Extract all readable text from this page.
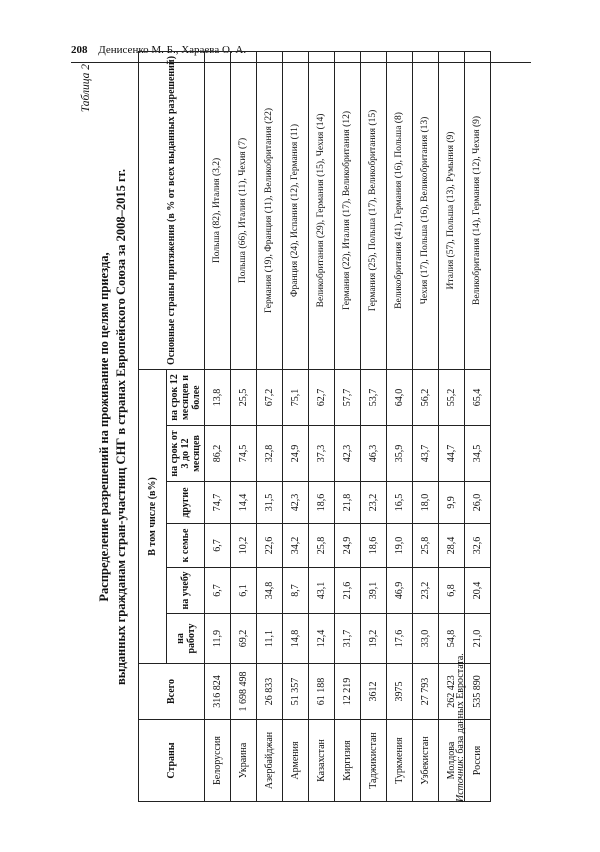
208 Денисенко М. Б., Хараева О. А.
Таблица 2
Распределение разрешений на проживание по целям приезда, выданных гражданам стран-участниц СНГ в странах Европейского Союза за 2008–2015 гг.
Страны	Всего	В том числе (в%)						Основные страны притяжения (в % от всех выданных разрешений)
		на работу	на учебу	к семье	другие	на срок от 3 до 12 месяцев	на срок 12 месяцев и более	
Белоруссия	316 824	11,9	6,7	6,7	74,7	86,2	13,8	Польша (82), Италия (3,2)
Украина	1 698 498	69,2	6,1	10,2	14,4	74,5	25,5	Польша (66), Италия (11), Чехия (7)
Азербайджан	26 833	11,1	34,8	22,6	31,5	32,8	67,2	Германия (19), Франция (11), Великобритания (22)
Армения	51 357	14,8	8,7	34,2	42,3	24,9	75,1	Франция (24), Испания (12), Германия (11)
Казахстан	61 188	12,4	43,1	25,8	18,6	37,3	62,7	Великобритания (29), Германия (15), Чехия (14)
Киргизия	12 219	31,7	21,6	24,9	21,8	42,3	57,7	Германия (22), Италия (17), Великобритания (12)
Таджикистан	3612	19,2	39,1	18,6	23,2	46,3	53,7	Германия (25), Польша (17), Великобритания (15)
Туркмения	3975	17,6	46,9	19,0	16,5	35,9	64,0	Великобритания (41), Германия (16), Польша (8)
Узбекистан	27 793	33,0	23,2	25,8	18,0	43,7	56,2	Чехия (17), Польша (16), Великобритания (13)
Молдова	262 423	54,8	6,8	28,4	9,9	44,7	55,2	Италия (57), Польша (13), Румыния (9)
Россия	535 890	21,0	20,4	32,6	26,0	34,5	65,4	Великобритания (14), Германия (12), Чехия (9)
Источник: база данных Евростата.
